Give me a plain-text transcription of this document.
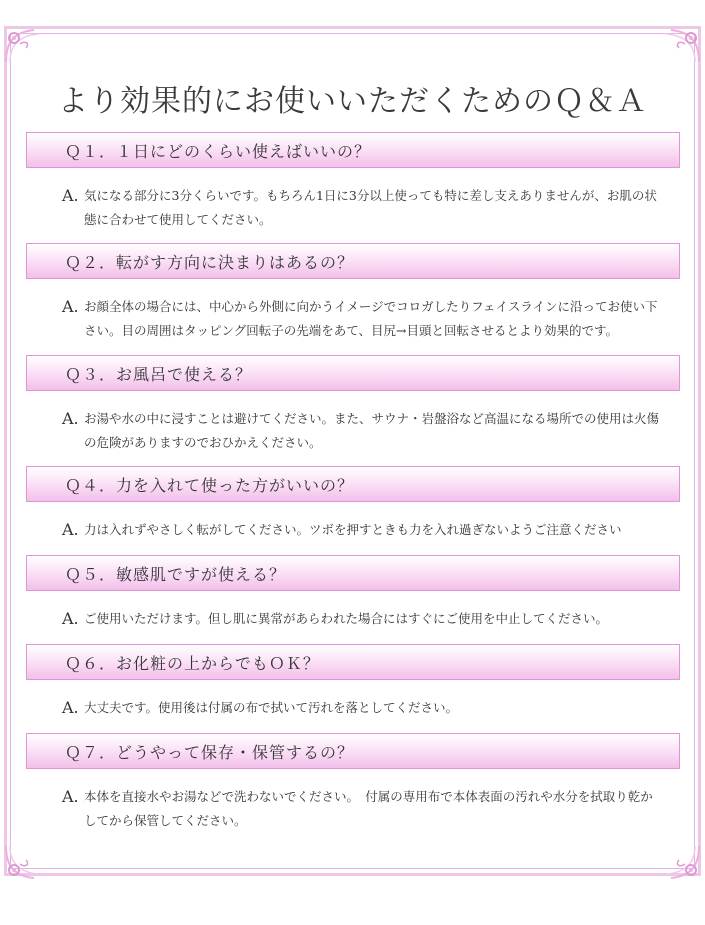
より効果的にお使いいただくためのＱ＆Ａ
Ｑ１．１日にどのくらい使えばいいの？
A. 気になる部分に3分くらいです。もちろん1日に3分以上使っても特に差し支えありませんが、お肌の状態に合わせて使用してください。
Ｑ２．転がす方向に決まりはあるの？
A. お顔全体の場合には、中心から外側に向かうイメージでコロガしたりフェイスラインに沿ってお使い下さい。目の周囲はタッピング回転子の先端をあて、目尻→目頭と回転させるとより効果的です。
Ｑ３．お風呂で使える？
A. お湯や水の中に浸すことは避けてください。また、サウナ・岩盤浴など高温になる場所での使用は火傷の危険がありますのでおひかえください。
Ｑ４．力を入れて使った方がいいの？
A. 力は入れずやさしく転がしてください。ツボを押すときも力を入れ過ぎないようご注意ください
Ｑ５．敏感肌ですが使える？
A. ご使用いただけます。但し肌に異常があらわれた場合にはすぐにご使用を中止してください。
Ｑ６．お化粧の上からでもＯＫ？
A. 大丈夫です。使用後は付属の布で拭いて汚れを落としてください。
Ｑ７．どうやって保存・保管するの？
A. 本体を直接水やお湯などで洗わないでください。　付属の専用布で本体表面の汚れや水分を拭取り乾かしてから保管してください。
